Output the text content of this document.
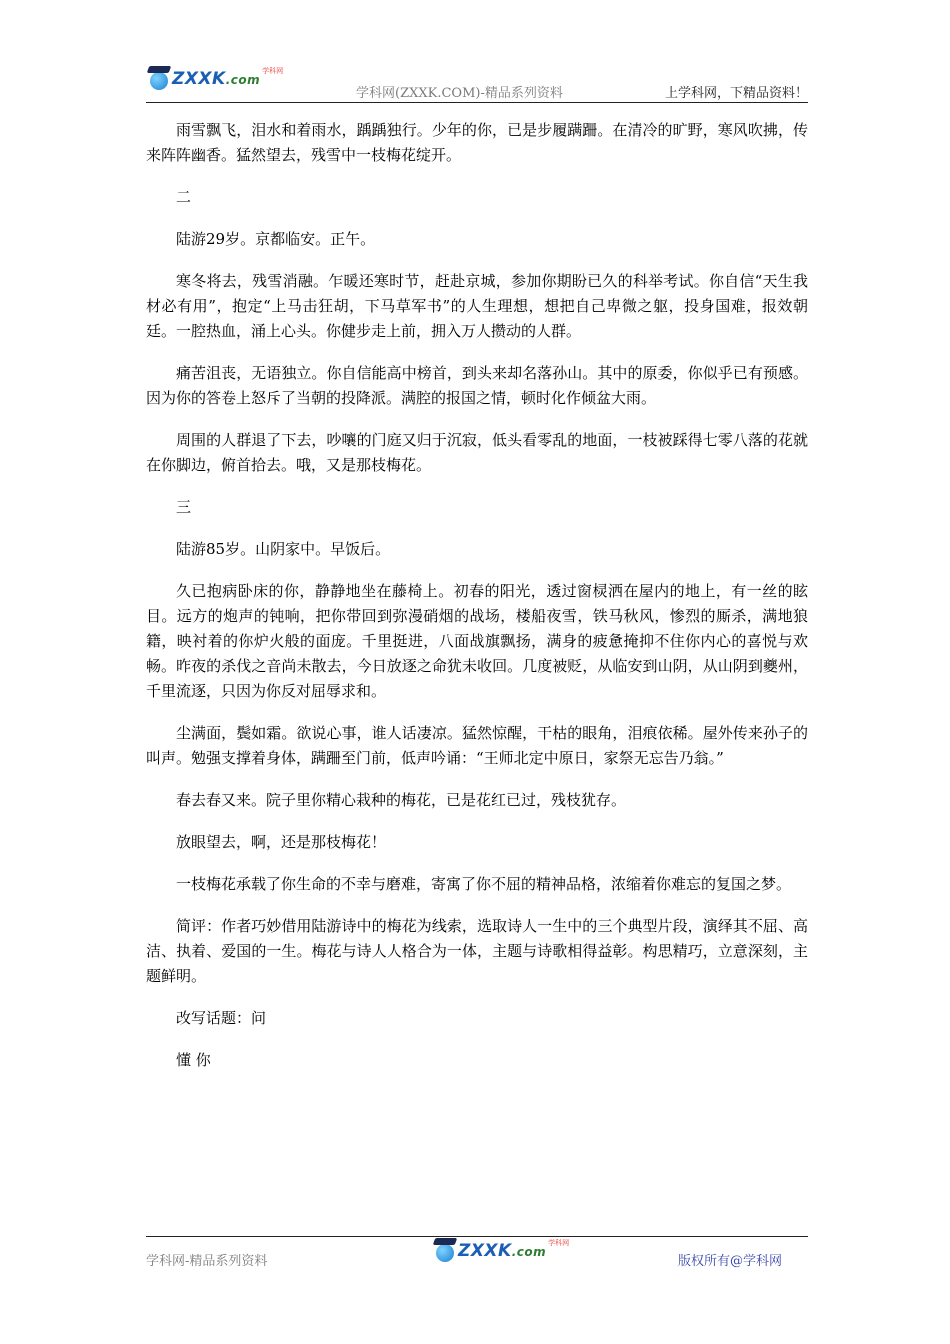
ZXXK.com
学科网
学科网(ZXXK.COM)-精品系列资料	上学科网，下精品资料！

雨雪飘飞，泪水和着雨水，踽踽独行。少年的你，已是步履蹒跚。在清冷的旷野，寒风吹拂，传来阵阵幽香。猛然望去，残雪中一枝梅花绽开。

二

陆游29岁。京都临安。正午。

寒冬将去，残雪消融。乍暖还寒时节，赶赴京城，参加你期盼已久的科举考试。你自信“天生我材必有用”，抱定“上马击狂胡，下马草军书”的人生理想，想把自己卑微之躯，投身国难，报效朝廷。一腔热血，涌上心头。你健步走上前，拥入万人攒动的人群。

痛苦沮丧，无语独立。你自信能高中榜首，到头来却名落孙山。其中的原委，你似乎已有预感。因为你的答卷上怒斥了当朝的投降派。满腔的报国之情，顿时化作倾盆大雨。

周围的人群退了下去，吵嚷的门庭又归于沉寂，低头看零乱的地面，一枝被踩得七零八落的花就在你脚边，俯首拾去。哦，又是那枝梅花。

三

陆游85岁。山阴家中。早饭后。

久已抱病卧床的你，静静地坐在藤椅上。初春的阳光，透过窗棂洒在屋内的地上，有一丝的眩目。远方的炮声的钝响，把你带回到弥漫硝烟的战场，楼船夜雪，铁马秋风，惨烈的厮杀，满地狼籍，映衬着的你炉火般的面庞。千里挺进，八面战旗飘扬，满身的疲惫掩抑不住你内心的喜悦与欢畅。昨夜的杀伐之音尚未散去，今日放逐之命犹未收回。几度被贬，从临安到山阴，从山阴到夔州，千里流逐，只因为你反对屈辱求和。

尘满面，鬓如霜。欲说心事，谁人话凄凉。猛然惊醒，干枯的眼角，泪痕依稀。屋外传来孙子的叫声。勉强支撑着身体，蹒跚至门前，低声吟诵：“王师北定中原日，家祭无忘告乃翁。”

春去春又来。院子里你精心栽种的梅花，已是花红已过，残枝犹存。

放眼望去，啊，还是那枝梅花！

一枝梅花承载了你生命的不幸与磨难，寄寓了你不屈的精神品格，浓缩着你难忘的复国之梦。

简评：作者巧妙借用陆游诗中的梅花为线索，选取诗人一生中的三个典型片段，演绎其不屈、高洁、执着、爱国的一生。梅花与诗人人格合为一体，主题与诗歌相得益彰。构思精巧，立意深刻，主题鲜明。

改写话题：问

懂 你

学科网-精品系列资料
ZXXK.com
学科网
版权所有@学科网
